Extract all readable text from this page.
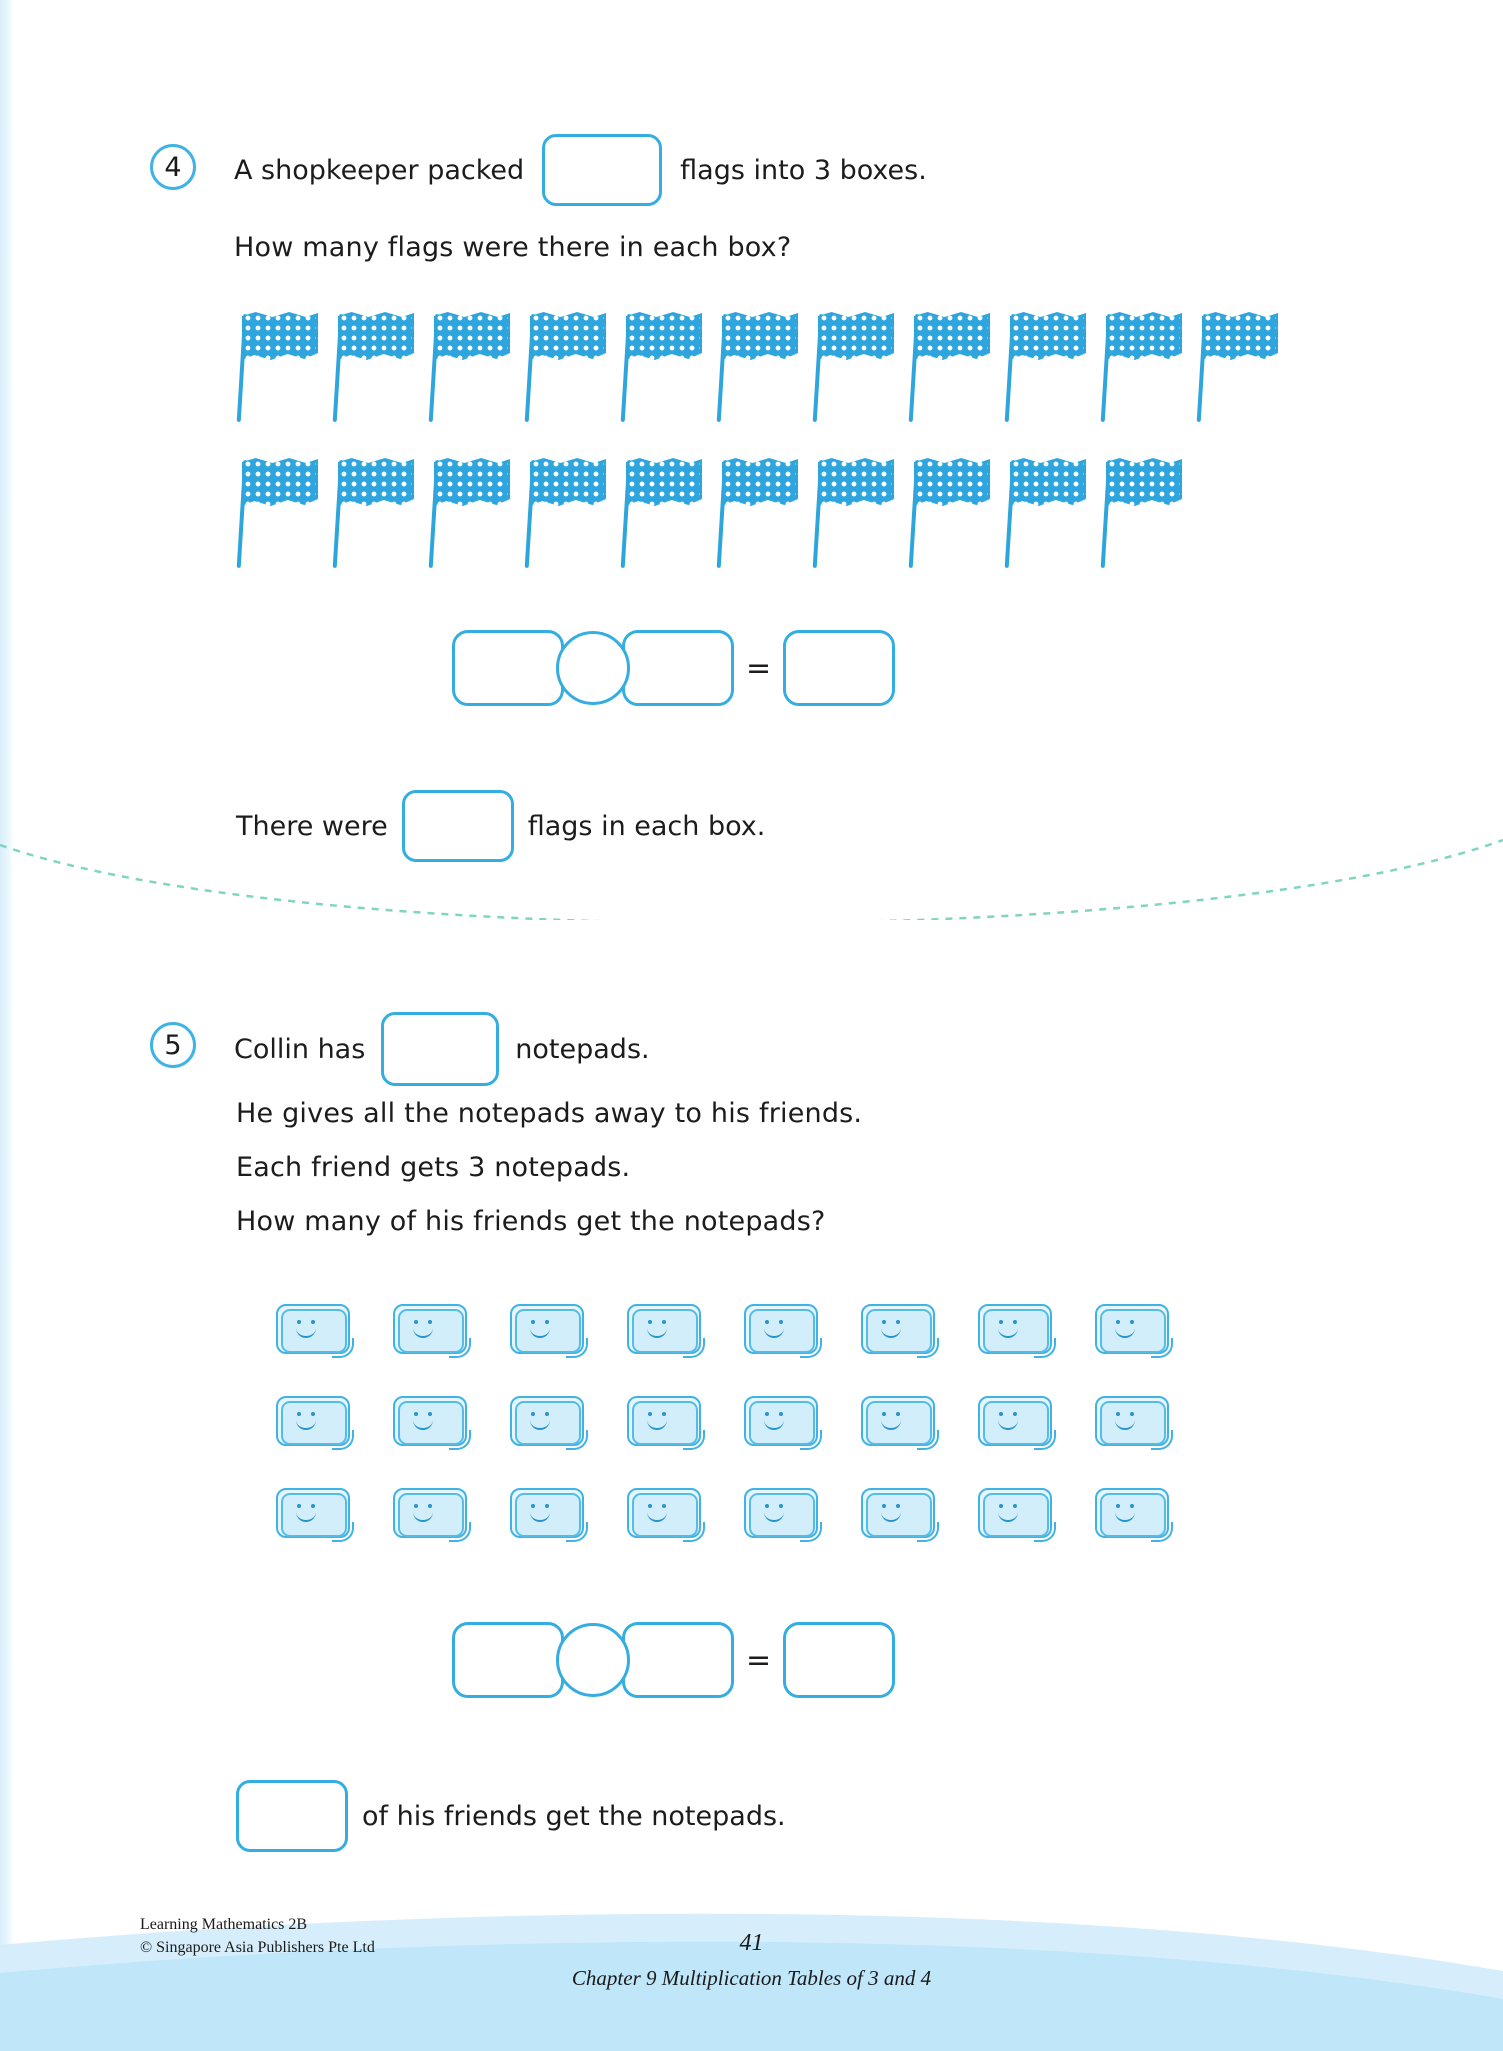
4	A shopkeeper packed	flags into 3 boxes.
How many flags were there in each box?
=
There were	flags in each box.
5	Collin has	notepads.
He gives all the notepads away to his friends.
Each friend gets 3 notepads.
How many of his friends get the notepads?
=
of his friends get the notepads.
Learning Mathematics 2B
© Singapore Asia Publishers Pte Ltd	41
Chapter 9 Multiplication Tables of 3 and 4
